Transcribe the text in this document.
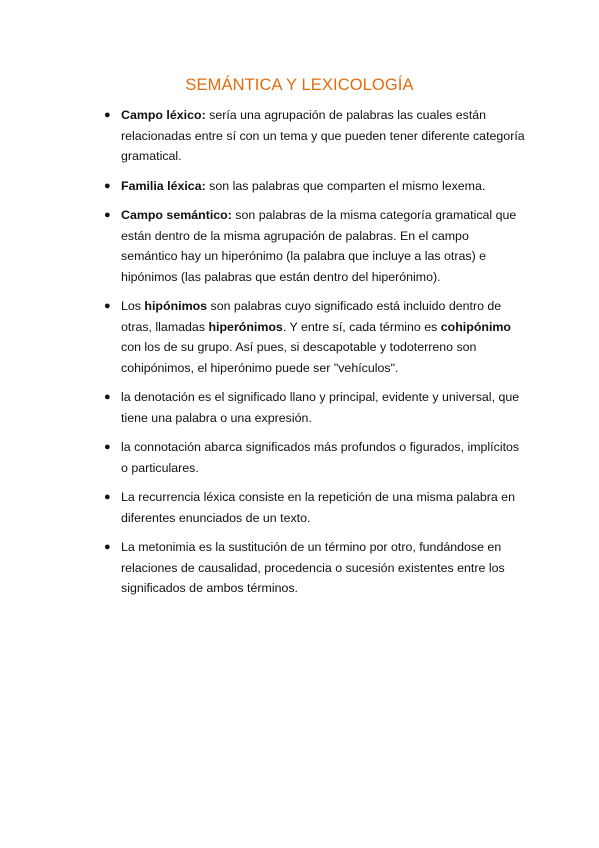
SEMÁNTICA Y LEXICOLOGÍA
● Campo léxico: sería una agrupación de palabras las cuales están relacionadas entre sí con un tema y que pueden tener diferente categoría gramatical.
● Familia léxica: son las palabras que comparten el mismo lexema.
● Campo semántico: son palabras de la misma categoría gramatical que están dentro de la misma agrupación de palabras. En el campo semántico hay un hiperónimo (la palabra que incluye a las otras) e hipónimos (las palabras que están dentro del hiperónimo).
● Los hipónimos son palabras cuyo significado está incluido dentro de otras, llamadas hiperónimos. Y entre sí, cada término es cohipónimo con los de su grupo. Así pues, si descapotable y todoterreno son cohipónimos, el hiperónimo puede ser "vehículos".
● la denotación es el significado llano y principal, evidente y universal, que tiene una palabra o una expresión.
● la connotación abarca significados más profundos o figurados, implícitos o particulares.
● La recurrencia léxica consiste en la repetición de una misma palabra en diferentes enunciados de un texto.
● La metonimia es la sustitución de un término por otro, fundándose en relaciones de causalidad, procedencia o sucesión existentes entre los significados de ambos términos.
